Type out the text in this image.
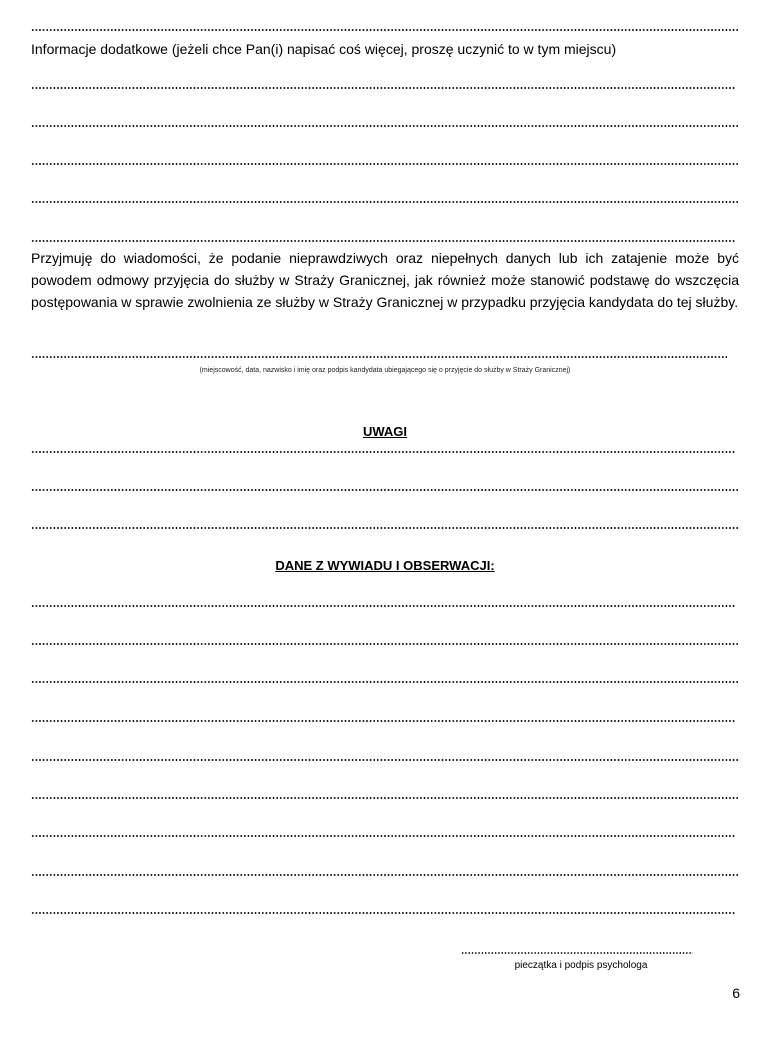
Informacje dodatkowe (jeżeli chce Pan(i) napisać coś więcej, proszę uczynić to w tym miejscu)
Przyjmuję do wiadomości, że podanie nieprawdziwych oraz niepełnych danych lub ich zatajenie może być powodem odmowy przyjęcia do służby w Straży Granicznej, jak również może stanowić podstawę do wszczęcia postępowania w sprawie zwolnienia ze służby w Straży Granicznej w przypadku przyjęcia kandydata do tej służby.
(miejscowość, data, nazwisko i imię oraz podpis kandydata ubiegającego się o przyjęcie do służby w Straży Granicznej)
UWAGI
DANE Z WYWIADU I OBSERWACJI:
pieczątka i podpis psychologa
6
